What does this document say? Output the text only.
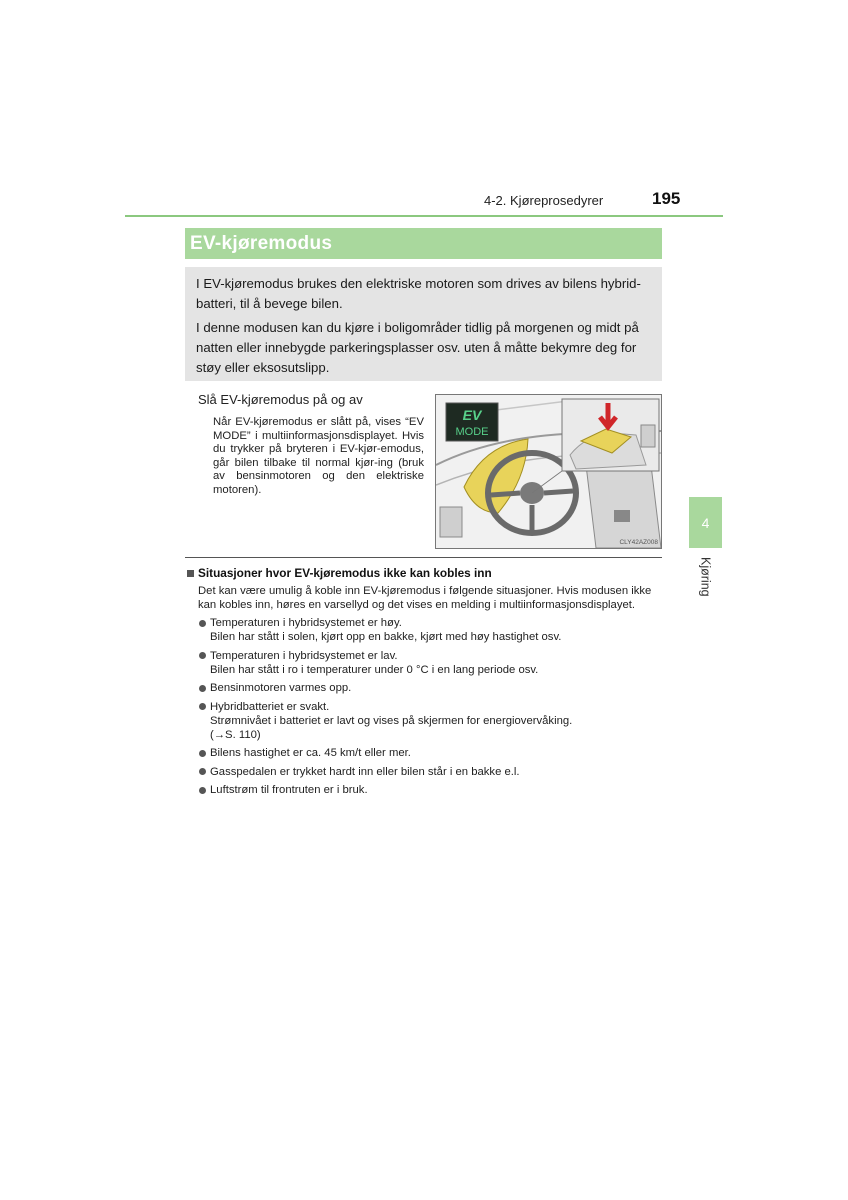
4-2. Kjøreprosedyrer	195
EV-kjøremodus

I EV-kjøremodus brukes den elektriske motoren som drives av bilens hybrid-batteri, til å bevege bilen.

I denne modusen kan du kjøre i boligområder tidlig på morgenen og midt på natten eller innebygde parkeringsplasser osv. uten å måtte bekymre deg for støy eller eksosutslipp.

Slå EV-kjøremodus på og av
Når EV-kjøremodus er slått på, vises “EV MODE” i multiinformasjonsdisplayet. Hvis du trykker på bryteren i EV-kjør-emodus, går bilen tilbake til normal kjør-ing (bruk av bensinmotoren og den elektriske motoren).
EV
MODE
CLY42AZ008
Situasjoner hvor EV-kjøremodus ikke kan kobles inn
Det kan være umulig å koble inn EV-kjøremodus i følgende situasjoner. Hvis modusen ikke kan kobles inn, høres en varsellyd og det vises en melding i multiinformasjonsdisplayet.
Temperaturen i hybridsystemet er høy.
Bilen har stått i solen, kjørt opp en bakke, kjørt med høy hastighet osv.
Temperaturen i hybridsystemet er lav.
Bilen har stått i ro i temperaturer under 0 °C i en lang periode osv.
Bensinmotoren varmes opp.
Hybridbatteriet er svakt.
Strømnivået i batteriet er lavt og vises på skjermen for energiovervåking.
(→S. 110)
Bilens hastighet er ca. 45 km/t eller mer.
Gasspedalen er trykket hardt inn eller bilen står i en bakke e.l.
Luftstrøm til frontruten er i bruk.
4
Kjøring
